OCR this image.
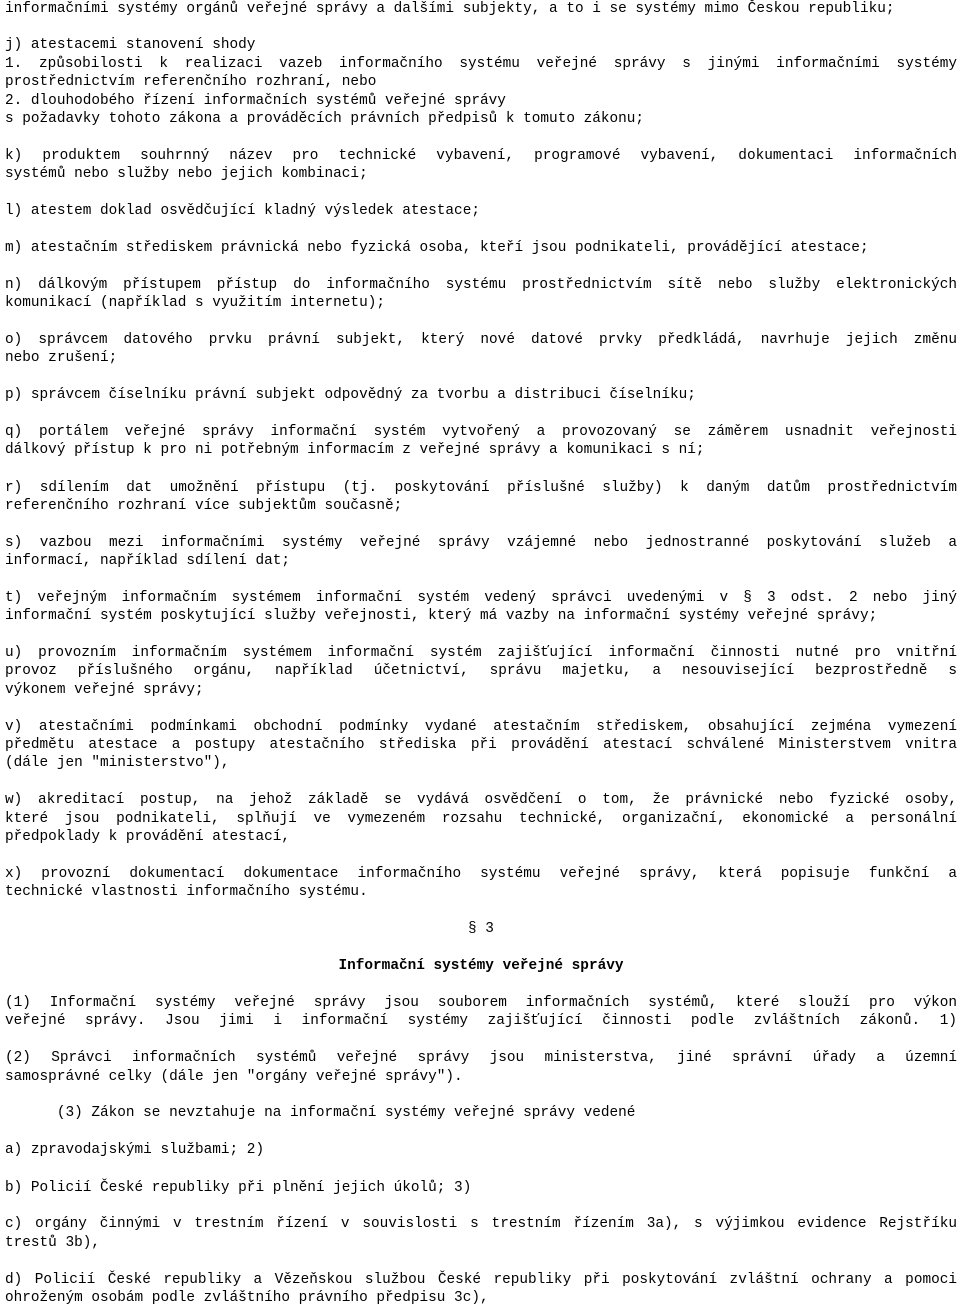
informačními systémy orgánů veřejné správy a dalšími subjekty, a to i se systémy mimo Českou republiku;
j) atestacemi stanovení shody
1. způsobilosti k realizaci vazeb informačního systému veřejné správy s jinými informačními systémy
prostřednictvím referenčního rozhraní, nebo
2. dlouhodobého řízení informačních systémů veřejné správy
s požadavky tohoto zákona a prováděcích právních předpisů k tomuto zákonu;
k) produktem souhrnný název pro technické vybavení, programové vybavení, dokumentaci informačních
systémů nebo služby nebo jejich kombinaci;
l) atestem doklad osvědčující kladný výsledek atestace;
m) atestačním střediskem právnická nebo fyzická osoba, kteří jsou podnikateli, provádějící atestace;
n) dálkovým přístupem přístup do informačního systému prostřednictvím sítě nebo služby elektronických
komunikací (například s využitím internetu);
o) správcem datového prvku právní subjekt, který nové datové prvky předkládá, navrhuje jejich změnu
nebo zrušení;
p) správcem číselníku právní subjekt odpovědný za tvorbu a distribuci číselníku;
q) portálem veřejné správy informační systém vytvořený a provozovaný se záměrem usnadnit veřejnosti
dálkový přístup k pro ni potřebným informacím z veřejné správy a komunikaci s ní;
r) sdílením dat umožnění přístupu (tj. poskytování příslušné služby) k daným datům prostřednictvím
referenčního rozhraní více subjektům současně;
s) vazbou mezi informačními systémy veřejné správy vzájemné nebo jednostranné poskytování služeb a
informací, například sdílení dat;
t) veřejným informačním systémem informační systém vedený správci uvedenými v § 3 odst. 2 nebo jiný
informační systém poskytující služby veřejnosti, který má vazby na informační systémy veřejné správy;
u) provozním informačním systémem informační systém zajišťující informační činnosti nutné pro vnitřní
provoz příslušného orgánu, například účetnictví, správu majetku, a nesouvisející bezprostředně s
výkonem veřejné správy;
v) atestačními podmínkami obchodní podmínky vydané atestačním střediskem, obsahující zejména vymezení
předmětu atestace a postupy atestačního střediska při provádění atestací schválené Ministerstvem vnitra
(dále jen "ministerstvo"),
w) akreditací postup, na jehož základě se vydává osvědčení o tom, že právnické nebo fyzické osoby,
které jsou podnikateli, splňují ve vymezeném rozsahu technické, organizační, ekonomické a personální
předpoklady k provádění atestací,
x) provozní dokumentací dokumentace informačního systému veřejné správy, která popisuje funkční a
technické vlastnosti informačního systému.
§ 3
Informační systémy veřejné správy
(1) Informační systémy veřejné správy jsou souborem informačních systémů, které slouží pro výkon
veřejné správy. Jsou jimi i informační systémy zajišťující činnosti podle zvláštních zákonů. 1)
(2) Správci informačních systémů veřejné správy jsou ministerstva, jiné správní úřady a územní
samosprávné celky (dále jen "orgány veřejné správy").
(3) Zákon se nevztahuje na informační systémy veřejné správy vedené
a) zpravodajskými službami; 2)
b) Policií České republiky při plnění jejich úkolů; 3)
c) orgány činnými v trestním řízení v souvislosti s trestním řízením 3a), s výjimkou evidence Rejstříku
trestů 3b),
d) Policií České republiky a Vězeňskou službou České republiky při poskytování zvláštní ochrany a pomoci
ohroženým osobám podle zvláštního právního předpisu 3c),
